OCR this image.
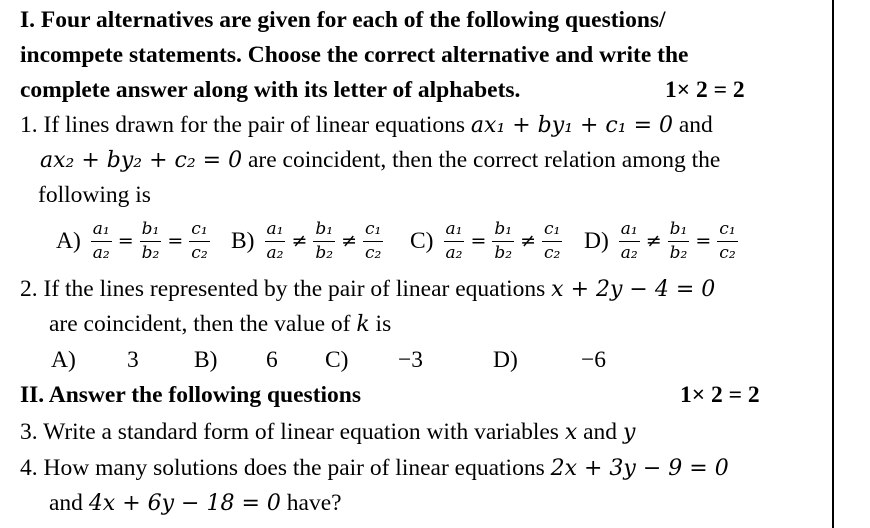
I. Four alternatives are given for each of the following questions/
incompete statements. Choose the correct alternative and write the
complete answer along with its letter of alphabets.	1× 2 = 2
1. If lines drawn for the pair of linear equations ax₁ + by₁ + c₁ = 0 and
ax₂ + by₂ + c₂ = 0 are coincident, then the correct relation among the
following is
$A) \frac{\text{a₁}}{\text{a₂}} = \frac{\text{b₁}}{\text{b₂}} = \frac{\text{c₁}}{\text{c₂}} B) \frac{\text{a₁}}{\text{a₂}} \ne \frac{\text{b₁}}{\text{b₂}} \ne \frac{\text{c₁}}{\text{c₂}} C) \frac{\text{a₁}}{\text{a₂}} = \frac{\text{b₁}}{\text{b₂}} \ne \frac{\text{c₁}}{\text{c₂}} D) \frac{\text{a₁}}{\text{a₂}} \ne \frac{\text{b₁}}{\text{b₂}} = \frac{\text{c₁}}{\text{c₂}}$
2. If the lines represented by the pair of linear equations x + 2y − 4 = 0
are coincident, then the value of k is
A) 3 B) 6 C) −3	D)	−6
II. Answer the following questions	1× 2 = 2
3. Write a standard form of linear equation with variables x and y
4. How many solutions does the pair of linear equations 2x + 3y − 9 = 0
and 4x + 6y − 18 = 0 have?
